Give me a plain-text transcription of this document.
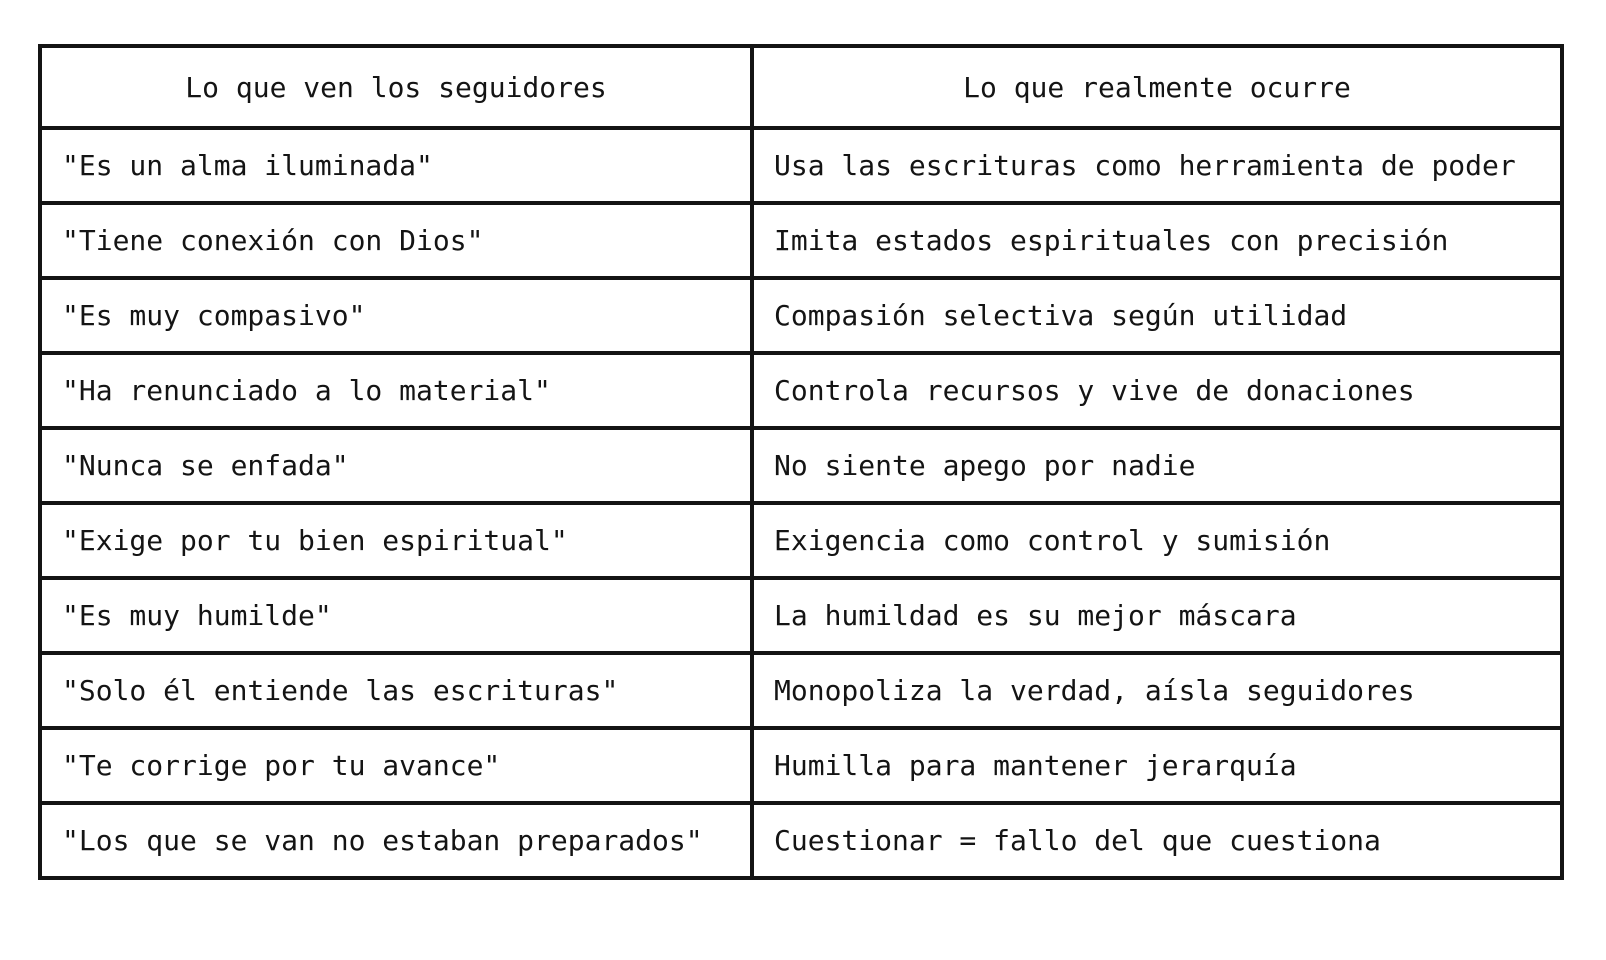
Lo que ven los seguidores	Lo que realmente ocurre
"Es un alma iluminada"	Usa las escrituras como herramienta de poder
"Tiene conexión con Dios"	Imita estados espirituales con precisión
"Es muy compasivo"	Compasión selectiva según utilidad
"Ha renunciado a lo material"	Controla recursos y vive de donaciones
"Nunca se enfada"	No siente apego por nadie
"Exige por tu bien espiritual"	Exigencia como control y sumisión
"Es muy humilde"	La humildad es su mejor máscara
"Solo él entiende las escrituras"	Monopoliza la verdad, aísla seguidores
"Te corrige por tu avance"	Humilla para mantener jerarquía
"Los que se van no estaban preparados"	Cuestionar = fallo del que cuestiona
